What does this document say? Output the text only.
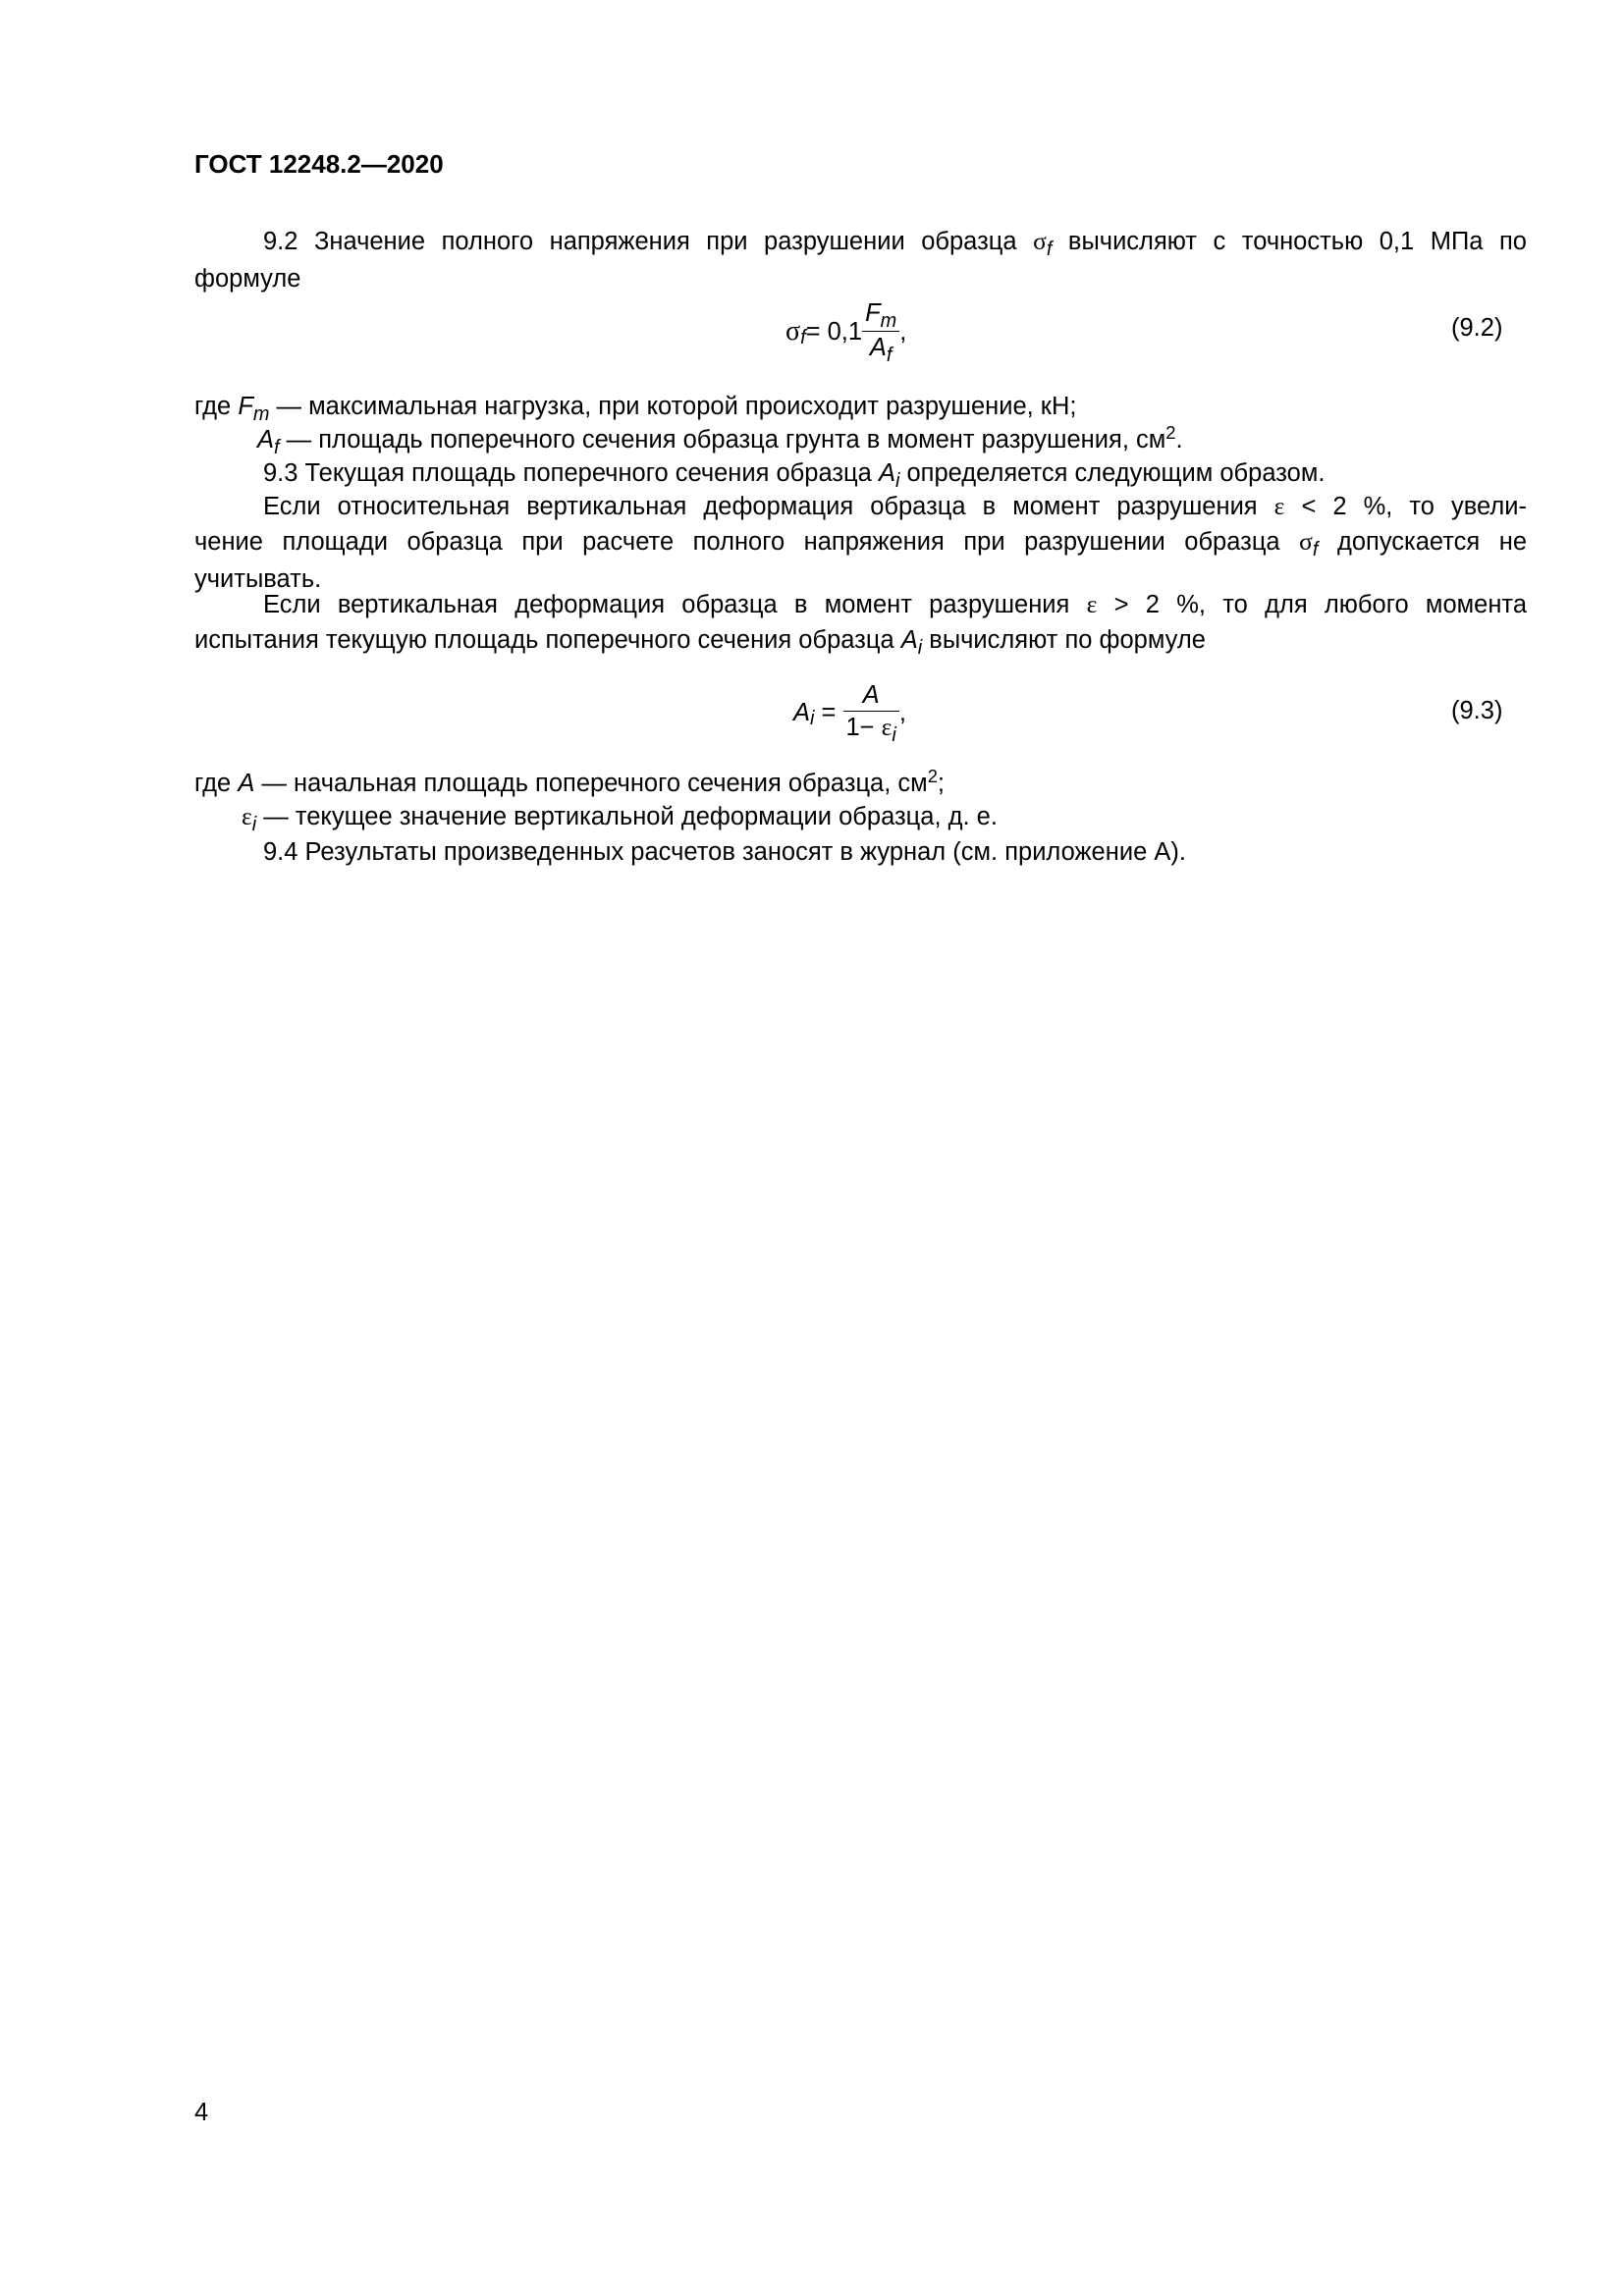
ГОСТ 12248.2—2020
9.2 Значение полного напряжения при разрушении образца $\sigma_f$ вычисляют с точностью 0,1 МПа по
формуле
σ $f = 0,1 \frac{F_m}{A_f}$ ,	(9.2)
где $F_m$ — максимальная нагрузка, при которой происходит разрушение, кН;
$A_f$ — площадь поперечного сечения образца грунта в момент разрушения, $см^2$.
9.3 Текущая площадь поперечного сечения образца $A_i$ определяется следующим образом.
Если относительная вертикальная деформация образца в момент разрушения ε < 2 %, то увели-
чение площади образца при расчете полного напряжения при разрушении образца $\sigma_f$ допускается не
учитывать.
Если вертикальная деформация образца в момент разрушения ε > 2 %, то для любого момента
испытания текущую площадь поперечного сечения образца $A_i$ вычисляют по формуле
A $i = \frac{A}{1- \varepsilon_i}$ ,	(9.3)
где A — начальная площадь поперечного сечения образца, $см^2$;
$\varepsilon_i$ — текущее значение вертикальной деформации образца, д. е.
9.4 Результаты произведенных расчетов заносят в журнал (см. приложение А).
4
